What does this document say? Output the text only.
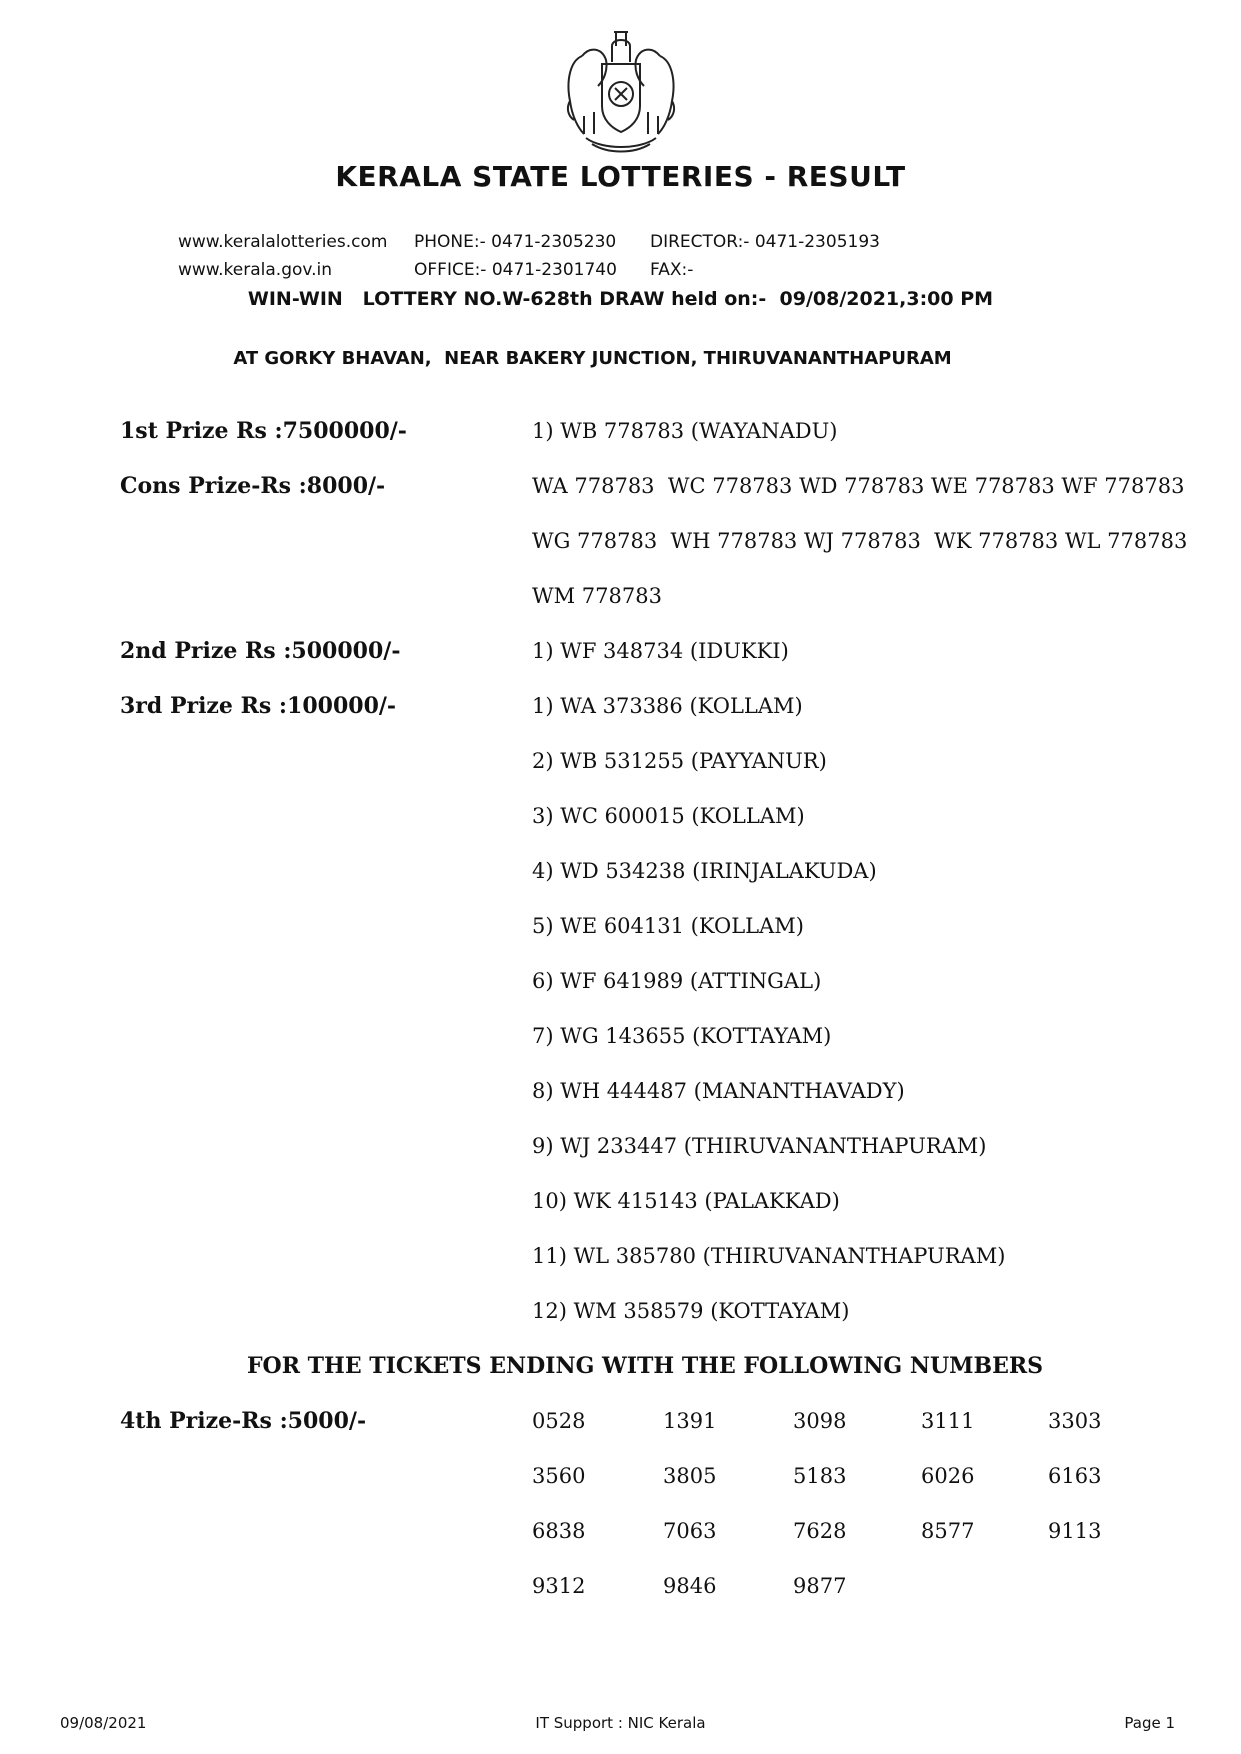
KERALA STATE LOTTERIES - RESULT
www.keralalotteries.com	PHONE:- 0471-2305230	DIRECTOR:- 0471-2305193
www.kerala.gov.in	OFFICE:- 0471-2301740	FAX:-
WIN-WIN   LOTTERY NO.W-628th DRAW held on:-  09/08/2021,3:00 PM
AT GORKY BHAVAN,  NEAR BAKERY JUNCTION, THIRUVANANTHAPURAM
1st Prize Rs :7500000/-	1) WB 778783 (WAYANADU)
Cons Prize-Rs :8000/-	WA 778783  WC 778783 WD 778783 WE 778783 WF 778783
WG 778783  WH 778783 WJ 778783  WK 778783 WL 778783
WM 778783
2nd Prize Rs :500000/-	1) WF 348734 (IDUKKI)
3rd Prize Rs :100000/-	1) WA 373386 (KOLLAM)
2) WB 531255 (PAYYANUR)
3) WC 600015 (KOLLAM)
4) WD 534238 (IRINJALAKUDA)
5) WE 604131 (KOLLAM)
6) WF 641989 (ATTINGAL)
7) WG 143655 (KOTTAYAM)
8) WH 444487 (MANANTHAVADY)
9) WJ 233447 (THIRUVANANTHAPURAM)
10) WK 415143 (PALAKKAD)
11) WL 385780 (THIRUVANANTHAPURAM)
12) WM 358579 (KOTTAYAM)
FOR THE TICKETS ENDING WITH THE FOLLOWING NUMBERS
4th Prize-Rs :5000/-	0528	1391	3098	3111	3303
3560	3805	5183	6026	6163
6838	7063	7628	8577	9113
9312	9846	9877
09/08/2021	IT Support : NIC Kerala	Page 1
